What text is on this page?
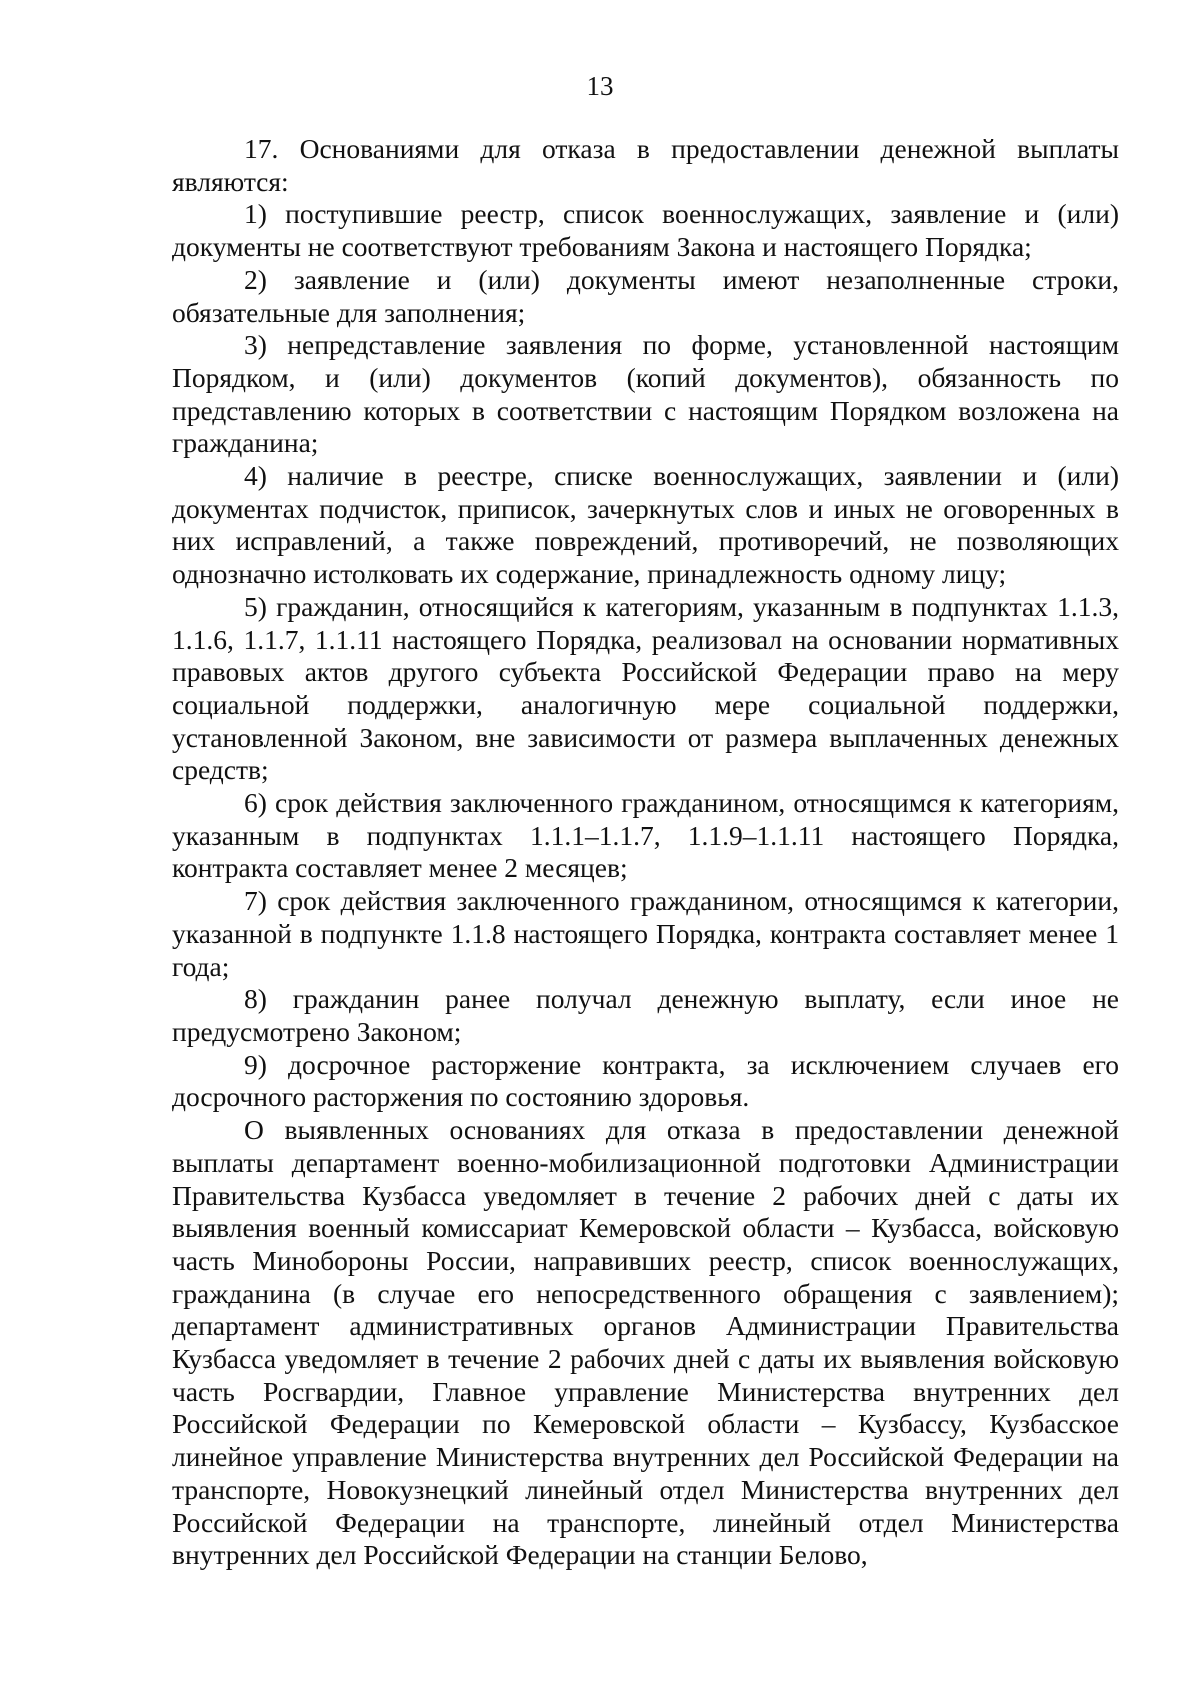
13

17. Основаниями для отказа в предоставлении денежной выплаты являются:

1) поступившие реестр, список военнослужащих, заявление и (или) документы не соответствуют требованиям Закона и настоящего Порядка;

2) заявление и (или) документы имеют незаполненные строки, обязательные для заполнения;

3) непредставление заявления по форме, установленной настоящим Порядком, и (или) документов (копий документов), обязанность по представлению которых в соответствии с настоящим Порядком возложена на гражданина;

4) наличие в реестре, списке военнослужащих, заявлении и (или) документах подчисток, приписок, зачеркнутых слов и иных не оговоренных в них исправлений, а также повреждений, противоречий, не позволяющих однозначно истолковать их содержание, принадлежность одному лицу;

5) гражданин, относящийся к категориям, указанным в подпунктах 1.1.3, 1.1.6, 1.1.7, 1.1.11 настоящего Порядка, реализовал на основании нормативных правовых актов другого субъекта Российской Федерации право на меру социальной поддержки, аналогичную мере социальной поддержки, установленной Законом, вне зависимости от размера выплаченных денежных средств;

6) срок действия заключенного гражданином, относящимся к категориям, указанным в подпунктах 1.1.1–1.1.7, 1.1.9–1.1.11 настоящего Порядка, контракта составляет менее 2 месяцев;

7) срок действия заключенного гражданином, относящимся к категории, указанной в подпункте 1.1.8 настоящего Порядка, контракта составляет менее 1 года;

8) гражданин ранее получал денежную выплату, если иное не предусмотрено Законом;

9) досрочное расторжение контракта, за исключением случаев его досрочного расторжения по состоянию здоровья.

О выявленных основаниях для отказа в предоставлении денежной выплаты департамент военно-мобилизационной подготовки Администрации Правительства Кузбасса уведомляет в течение 2 рабочих дней с даты их выявления военный комиссариат Кемеровской области – Кузбасса, войсковую часть Минобороны России, направивших реестр, список военнослужащих, гражданина (в случае его непосредственного обращения с заявлением); департамент административных органов Администрации Правительства Кузбасса уведомляет в течение 2 рабочих дней с даты их выявления войсковую часть Росгвардии, Главное управление Министерства внутренних дел Российской Федерации по Кемеровской области – Кузбассу, Кузбасское линейное управление Министерства внутренних дел Российской Федерации на транспорте, Новокузнецкий линейный отдел Министерства внутренних дел Российской Федерации на транспорте, линейный отдел Министерства внутренних дел Российской Федерации на станции Белово,
